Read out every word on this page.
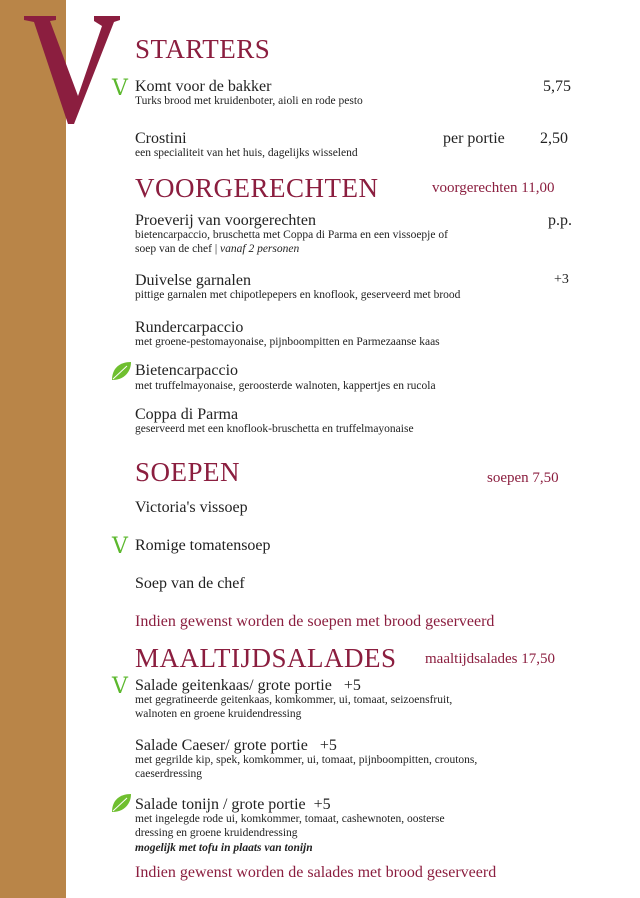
V
STARTERS
V Komt voor de bakker	5,75
Turks brood met kruidenboter, aioli en rode pesto
Crostini	per portie 2,50
een specialiteit van het huis, dagelijks wisselend
VOORGERECHTEN	voorgerechten 11,00
Proeverij van voorgerechten	p.p.
bietencarpaccio, bruschetta met Coppa di Parma en een vissoepje of
soep van de chef | vanaf 2 personen
Duivelse garnalen	+3
pittige garnalen met chipotlepepers en knoflook, geserveerd met brood
Rundercarpaccio
met groene-pestomayonaise, pijnboompitten en Parmezaanse kaas
Bietencarpaccio
met truffelmayonaise, geroosterde walnoten, kappertjes en rucola
Coppa di Parma
geserveerd met een knoflook-bruschetta en truffelmayonaise
SOEPEN	soepen 7,50
Victoria's vissoep
V Romige tomatensoep
Soep van de chef
Indien gewenst worden de soepen met brood geserveerd
MAALTIJDSALADES maaltijdsalades 17,50
V Salade geitenkaas/ grote portie +5
met gegratineerde geitenkaas, komkommer, ui, tomaat, seizoensfruit,
walnoten en groene kruidendressing
Salade Caeser/ grote portie +5
met gegrilde kip, spek, komkommer, ui, tomaat, pijnboompitten, croutons,
caeserdressing
Salade tonijn / grote portie +5
met ingelegde rode ui, komkommer, tomaat, cashewnoten, oosterse
dressing en groene kruidendressing
mogelijk met tofu in plaats van tonijn
Indien gewenst worden de salades met brood geserveerd
